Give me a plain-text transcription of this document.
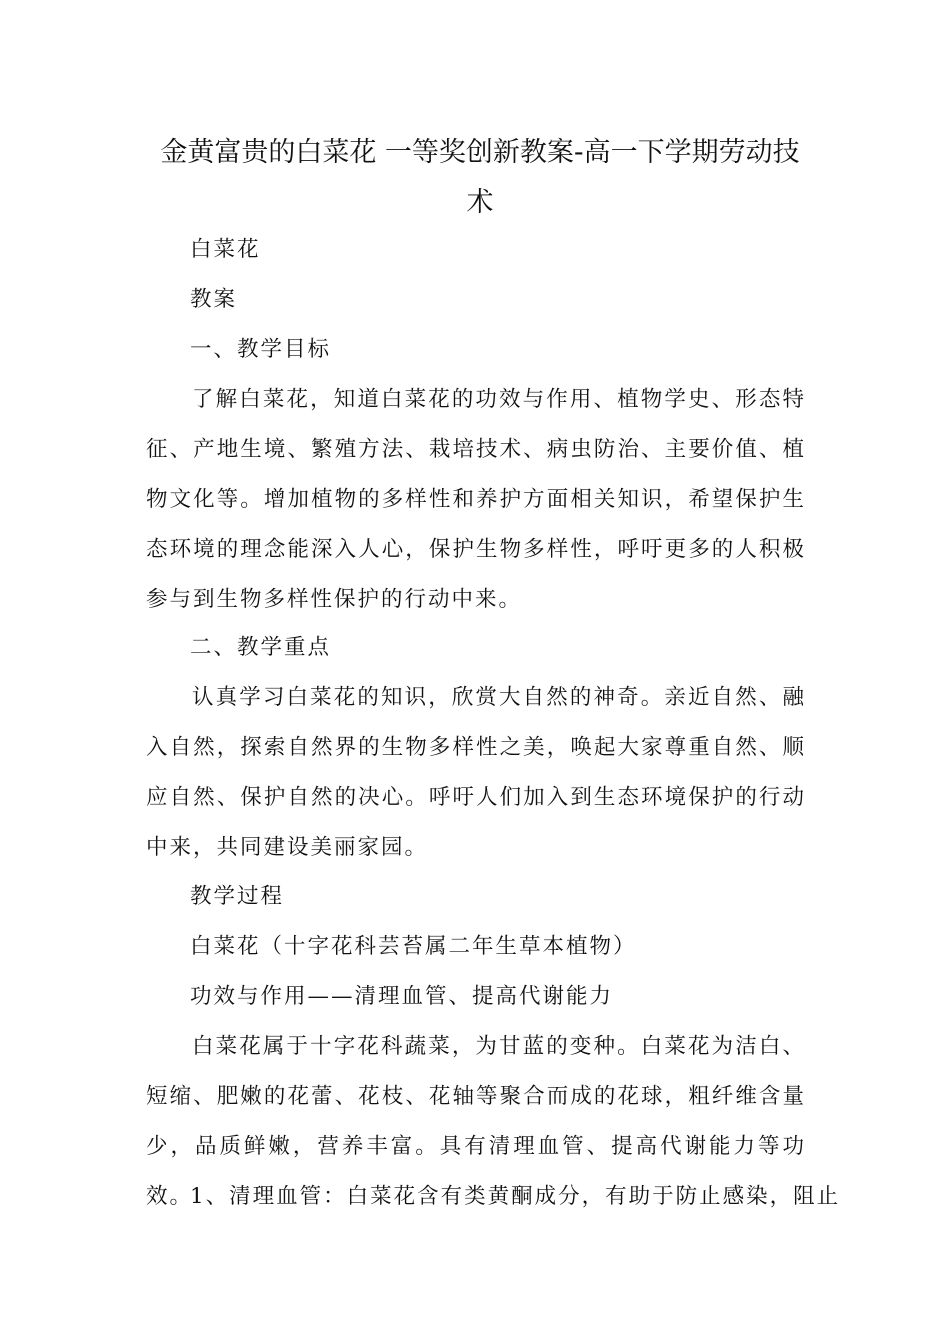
金黄富贵的白菜花 一等奖创新教案-高一下学期劳动技术

白菜花

教案

一、教学目标

了解白菜花，知道白菜花的功效与作用、植物学史、形态特征、产地生境、繁殖方法、栽培技术、病虫防治、主要价值、植物文化等。增加植物的多样性和养护方面相关知识，希望保护生态环境的理念能深入人心，保护生物多样性，呼吁更多的人积极参与到生物多样性保护的行动中来。

二、教学重点

认真学习白菜花的知识，欣赏大自然的神奇。亲近自然、融入自然，探索自然界的生物多样性之美，唤起大家尊重自然、顺应自然、保护自然的决心。呼吁人们加入到生态环境保护的行动中来，共同建设美丽家园。

教学过程

白菜花（十字花科芸苔属二年生草本植物）

功效与作用——清理血管、提高代谢能力

白菜花属于十字花科蔬菜，为甘蓝的变种。白菜花为洁白、短缩、肥嫩的花蕾、花枝、花轴等聚合而成的花球，粗纤维含量少，品质鲜嫩，营养丰富。具有清理血管、提高代谢能力等功效。

1、清理血管：白菜花含有类黄酮成分，有助于防止感染，阻止
